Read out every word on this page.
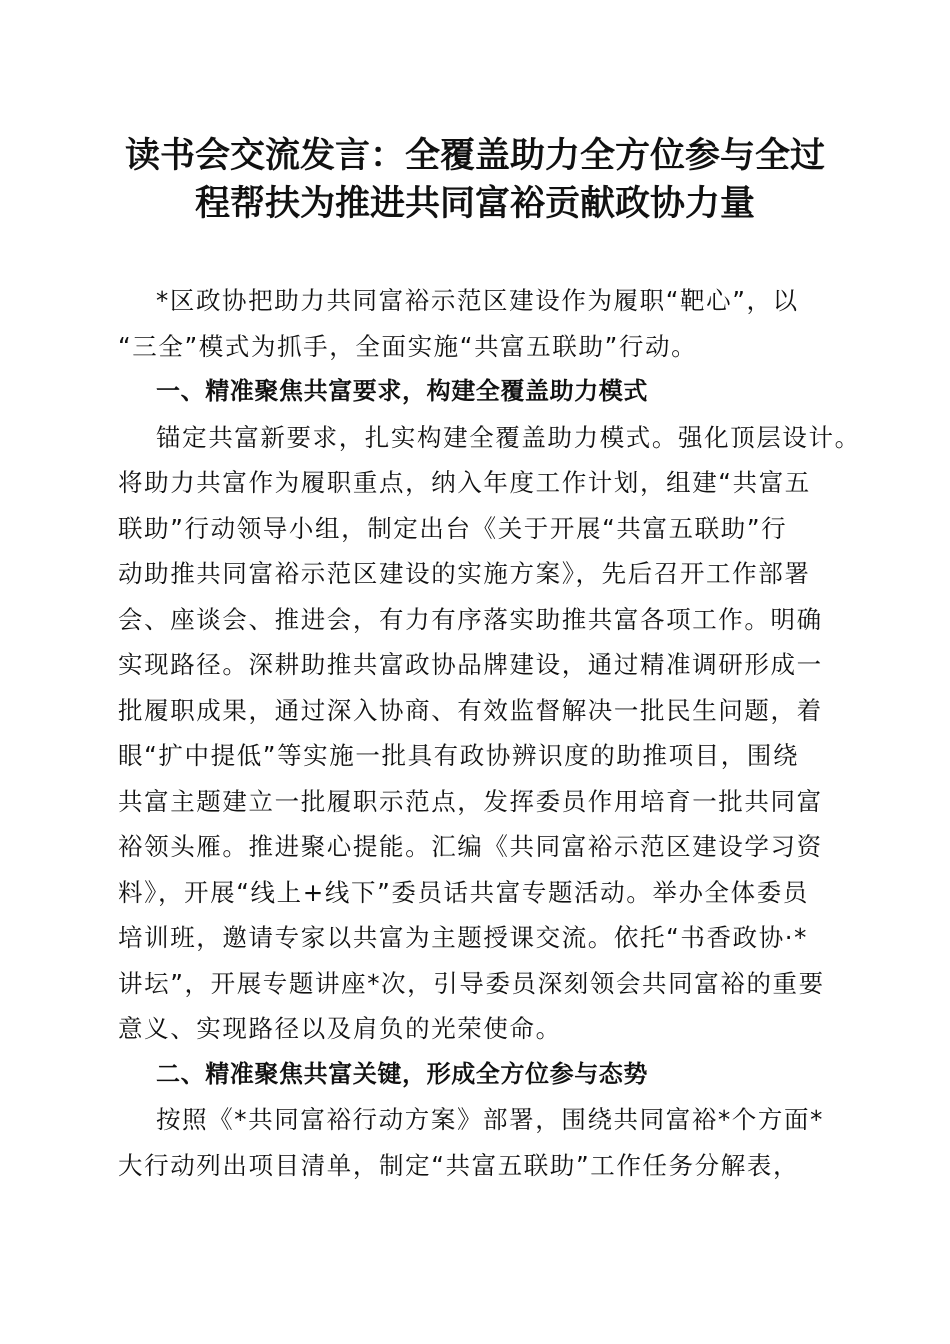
读书会交流发言：全覆盖助力全方位参与全过
程帮扶为推进共同富裕贡献政协力量
*区政协把助力共同富裕示范区建设作为履职“靶心”，以
“三全”模式为抓手，全面实施“共富五联助”行动。
一、精准聚焦共富要求，构建全覆盖助力模式
锚定共富新要求，扎实构建全覆盖助力模式。强化顶层设计。
将助力共富作为履职重点，纳入年度工作计划，组建“共富五
联助”行动领导小组，制定出台《关于开展“共富五联助”行
动助推共同富裕示范区建设的实施方案》，先后召开工作部署
会、座谈会、推进会，有力有序落实助推共富各项工作。明确
实现路径。深耕助推共富政协品牌建设，通过精准调研形成一
批履职成果，通过深入协商、有效监督解决一批民生问题，着
眼“扩中提低”等实施一批具有政协辨识度的助推项目，围绕
共富主题建立一批履职示范点，发挥委员作用培育一批共同富
裕领头雁。推进聚心提能。汇编《共同富裕示范区建设学习资
料》，开展“线上+线下”委员话共富专题活动。举办全体委员
培训班，邀请专家以共富为主题授课交流。依托“书香政协·*
讲坛”，开展专题讲座*次，引导委员深刻领会共同富裕的重要
意义、实现路径以及肩负的光荣使命。
二、精准聚焦共富关键，形成全方位参与态势
按照《*共同富裕行动方案》部署，围绕共同富裕*个方面*
大行动列出项目清单，制定“共富五联助”工作任务分解表，
